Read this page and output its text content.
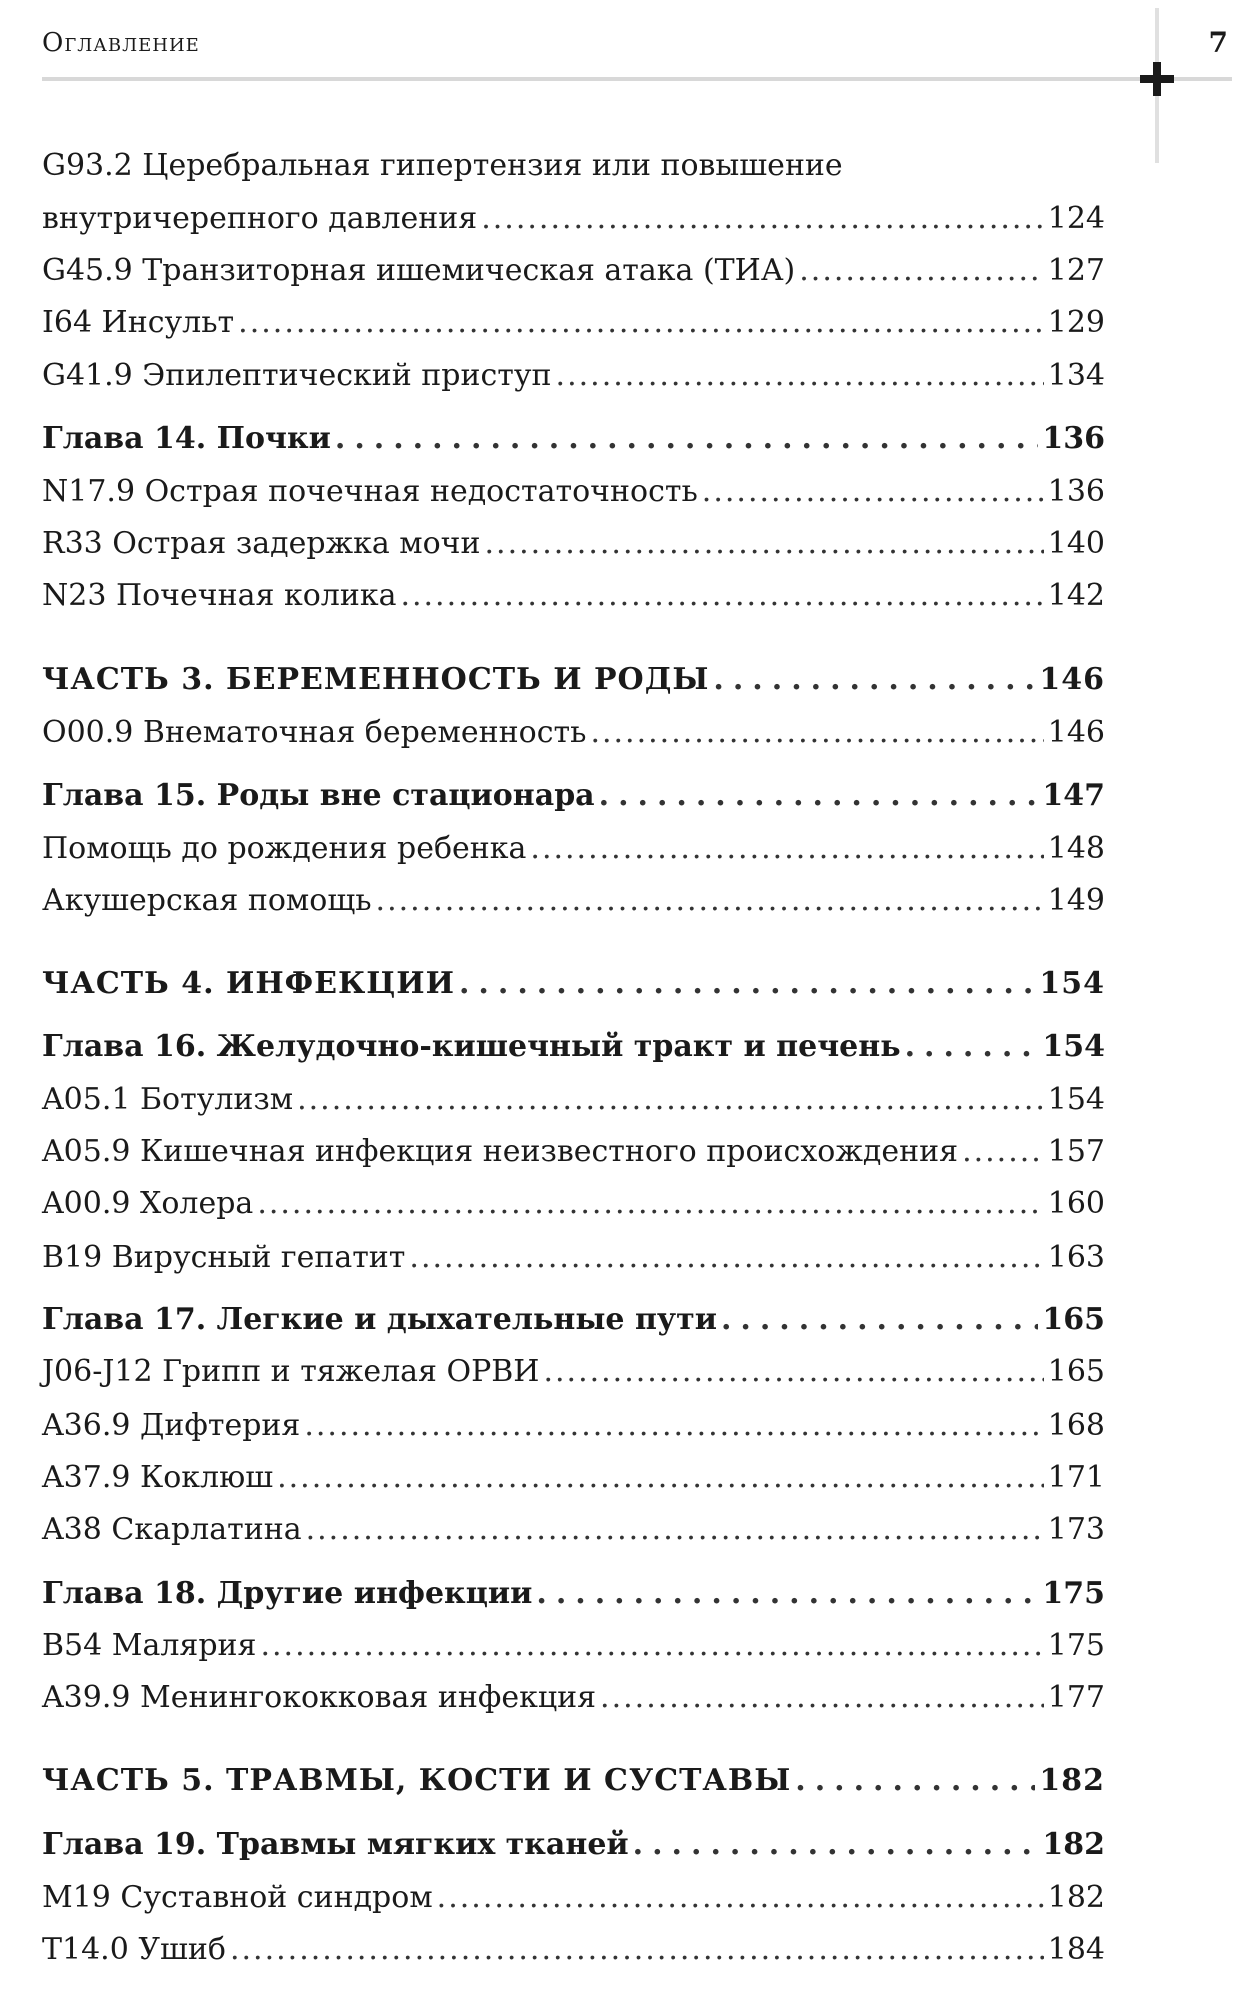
Оглавление	7
G93.2 Церебральная гипертензия или повышение
внутричерепного давления .....	124
G45.9 Транзиторная ишемическая атака (ТИА) .....	127
I64 Инсульт .....	129
G41.9 Эпилептический приступ .....	134
Глава 14. Почки .....	136
N17.9 Острая почечная недостаточность .....	136
R33 Острая задержка мочи .....	140
N23 Почечная колика .....	142
ЧАСТЬ 3. БЕРЕМЕННОСТЬ И РОДЫ .....	146
O00.9 Внематочная беременность .....	146
Глава 15. Роды вне стационара .....	147
Помощь до рождения ребенка .....	148
Акушерская помощь .....	149
ЧАСТЬ 4. ИНФЕКЦИИ .....	154
Глава 16. Желудочно-кишечный тракт и печень .....	154
A05.1 Ботулизм .....	154
A05.9 Кишечная инфекция неизвестного происхождения .....	157
A00.9 Холера .....	160
B19 Вирусный гепатит .....	163
Глава 17. Легкие и дыхательные пути .....	165
J06-J12 Грипп и тяжелая ОРВИ .....	165
A36.9 Дифтерия .....	168
A37.9 Коклюш .....	171
A38 Скарлатина .....	173
Глава 18. Другие инфекции .....	175
B54 Малярия .....	175
A39.9 Менингококковая инфекция .....	177
ЧАСТЬ 5. ТРАВМЫ, КОСТИ И СУСТАВЫ .....	182
Глава 19. Травмы мягких тканей .....	182
M19 Суставной синдром .....	182
T14.0 Ушиб .....	184
